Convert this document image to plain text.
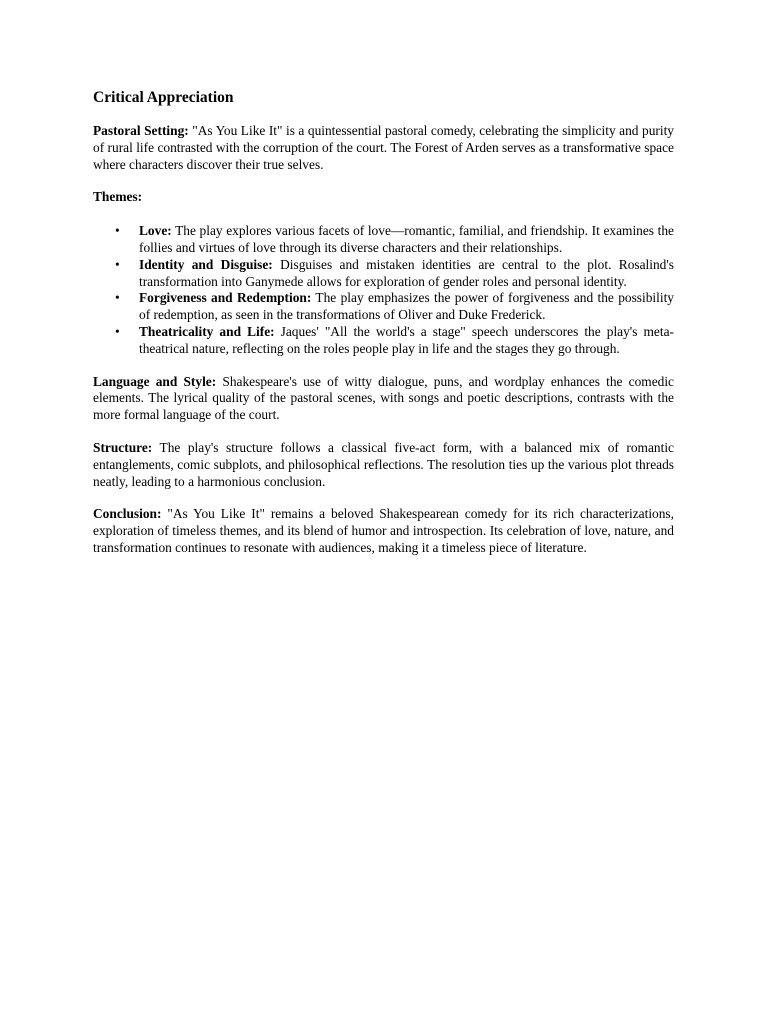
Critical Appreciation

Pastoral Setting: "As You Like It" is a quintessential pastoral comedy, celebrating the simplicity and purity of rural life contrasted with the corruption of the court. The Forest of Arden serves as a transformative space where characters discover their true selves.

Themes:
• Love: The play explores various facets of love—romantic, familial, and friendship. It examines the follies and virtues of love through its diverse characters and their relationships.
• Identity and Disguise: Disguises and mistaken identities are central to the plot. Rosalind's transformation into Ganymede allows for exploration of gender roles and personal identity.
• Forgiveness and Redemption: The play emphasizes the power of forgiveness and the possibility of redemption, as seen in the transformations of Oliver and Duke Frederick.
• Theatricality and Life: Jaques' "All the world's a stage" speech underscores the play's meta-theatrical nature, reflecting on the roles people play in life and the stages they go through.

Language and Style: Shakespeare's use of witty dialogue, puns, and wordplay enhances the comedic elements. The lyrical quality of the pastoral scenes, with songs and poetic descriptions, contrasts with the more formal language of the court.

Structure: The play's structure follows a classical five-act form, with a balanced mix of romantic entanglements, comic subplots, and philosophical reflections. The resolution ties up the various plot threads neatly, leading to a harmonious conclusion.

Conclusion: "As You Like It" remains a beloved Shakespearean comedy for its rich characterizations, exploration of timeless themes, and its blend of humor and introspection. Its celebration of love, nature, and transformation continues to resonate with audiences, making it a timeless piece of literature.
